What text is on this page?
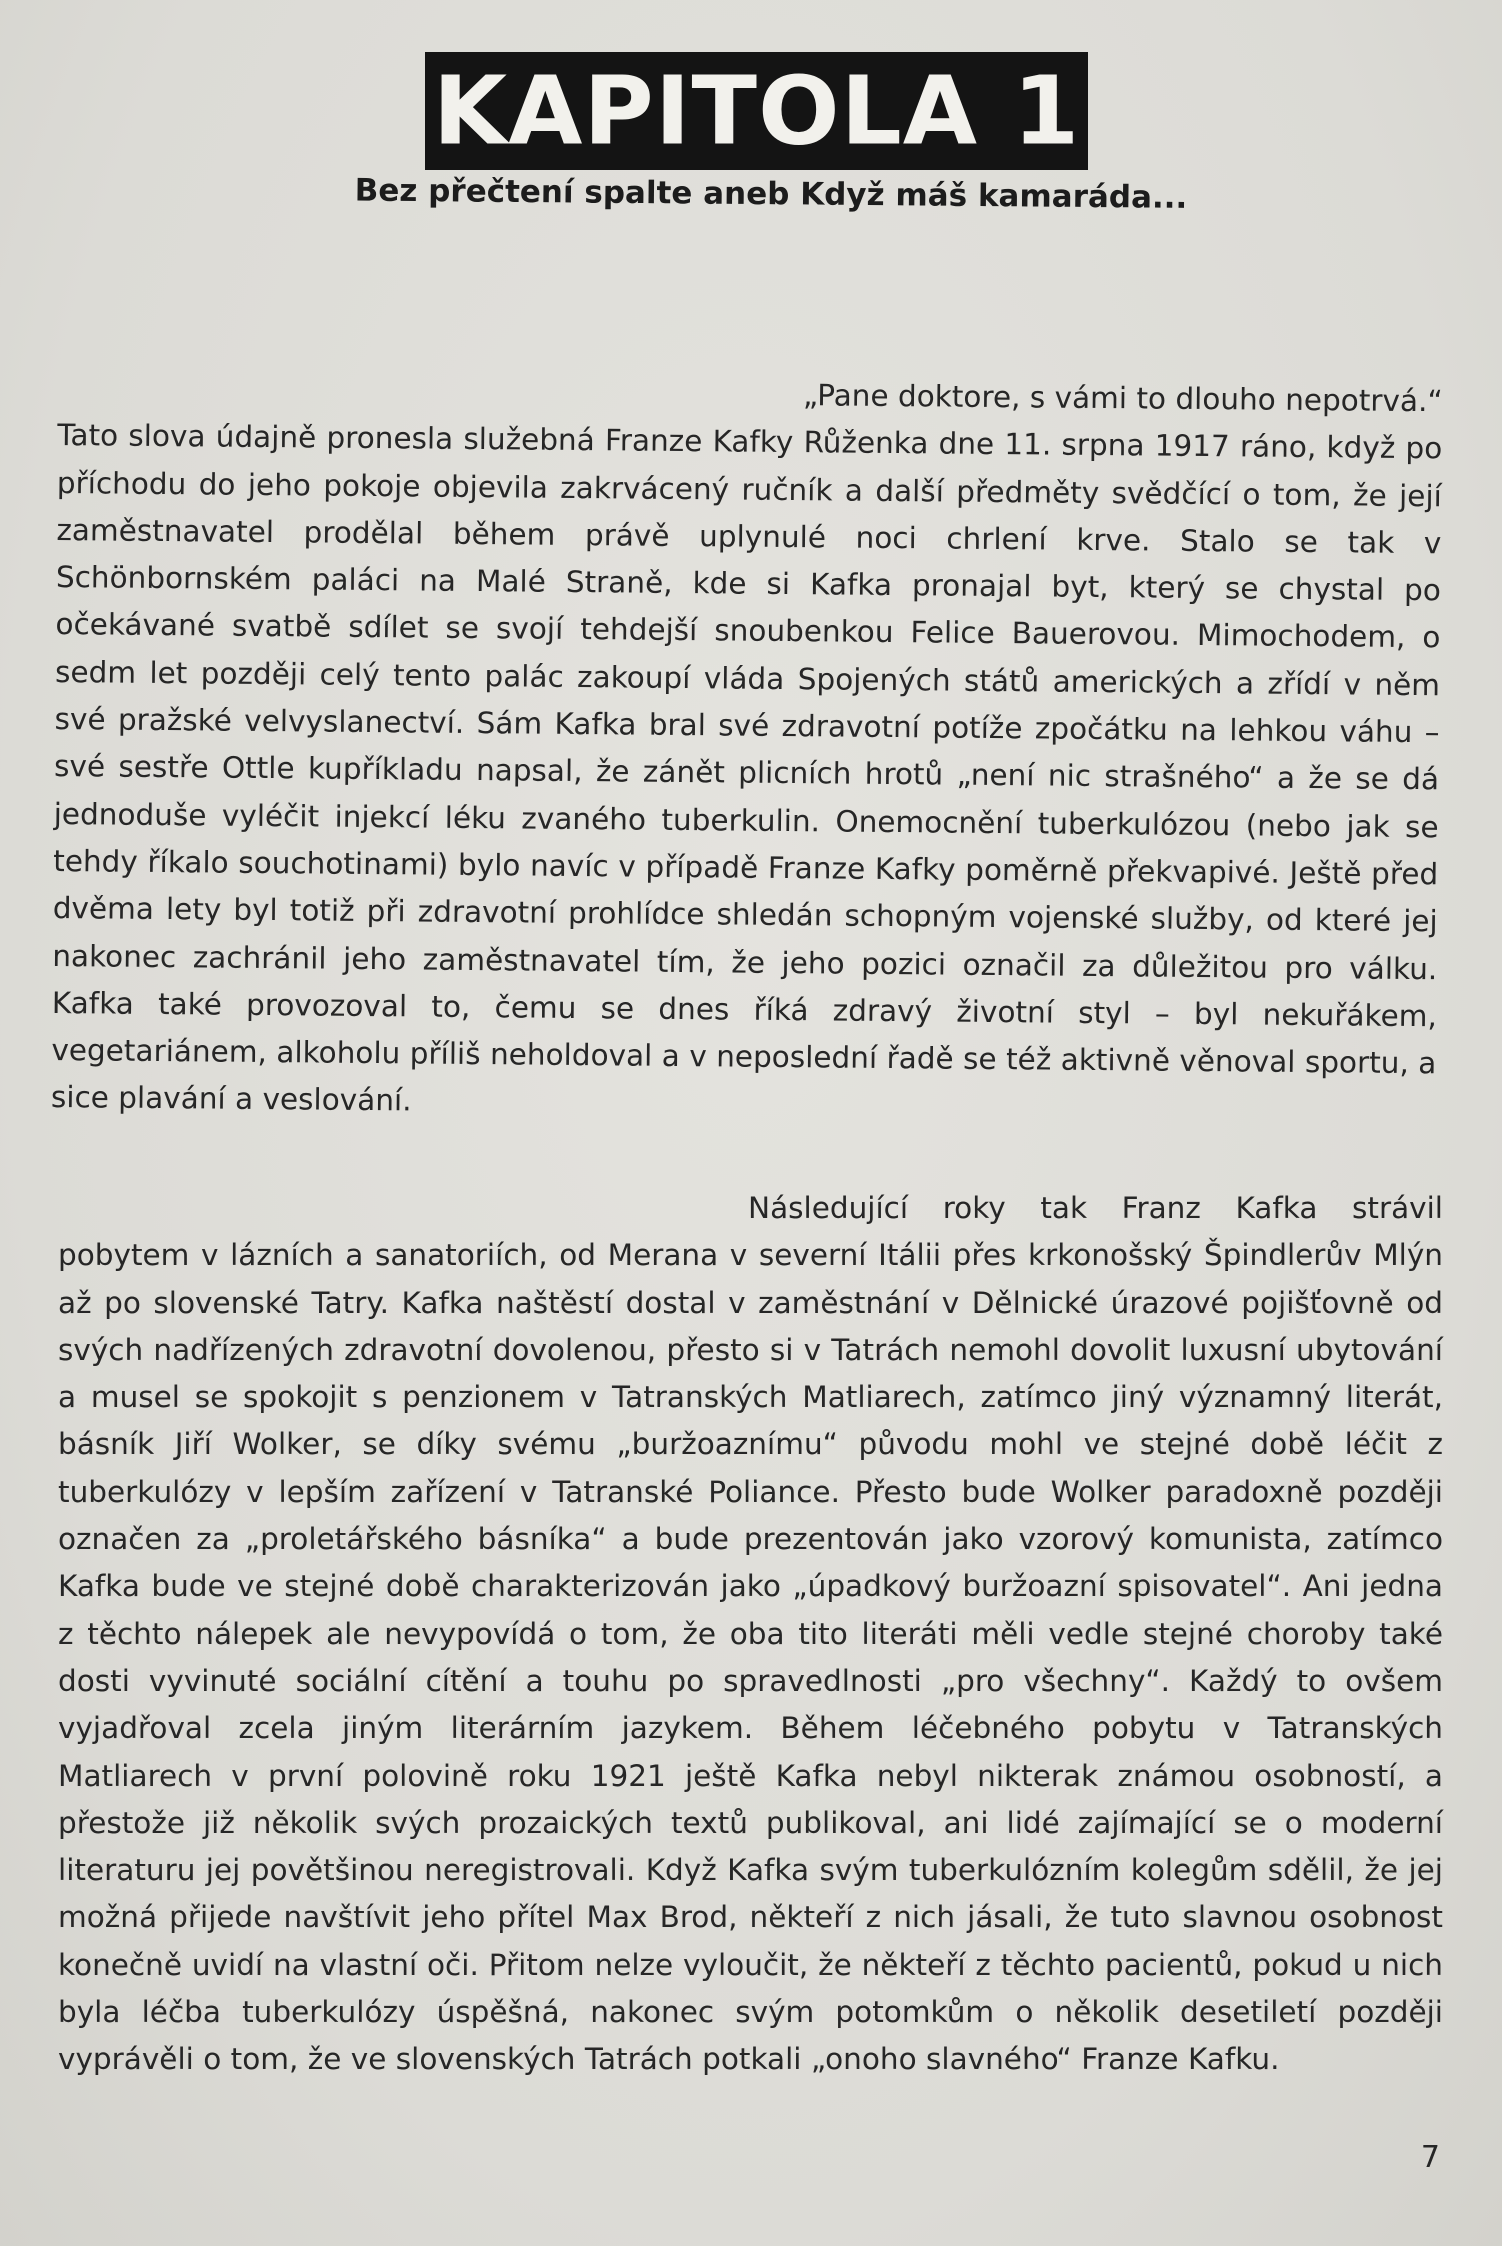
KAPITOLA 1
Bez přečtení spalte aneb Když máš kamaráda...
„Pane doktore, s vámi to dlouho nepotrvá.“
Tato slova údajně pronesla služebná Franze Kafky Růženka dne 11. srpna 1917 ráno, když po příchodu do jeho pokoje objevila zakrvácený ručník a další předměty svědčící o tom, že její zaměstnavatel prodělal během právě uplynulé noci chrlení krve. Stalo se tak v Schönbornském paláci na Malé Straně, kde si Kafka pronajal byt, který se chystal po očekávané svatbě sdílet se svojí tehdejší snoubenkou Felice Bauerovou. Mimochodem, o sedm let později celý tento palác zakoupí vláda Spojených států amerických a zřídí v něm své pražské velvyslanectví. Sám Kafka bral své zdravotní potíže zpočátku na lehkou váhu – své sestře Ottle kupříkladu napsal, že zánět plicních hrotů „není nic strašného“ a že se dá jednoduše vyléčit injekcí léku zvaného tuberkulin. Onemocnění tuberkulózou (nebo jak se tehdy říkalo souchotinami) bylo navíc v případě Franze Kafky poměrně překvapivé. Ještě před dvěma lety byl totiž při zdravotní prohlídce shledán schopným vojenské služby, od které jej nakonec zachránil jeho zaměstnavatel tím, že jeho pozici označil za důležitou pro válku. Kafka také provozoval to, čemu se dnes říká zdravý životní styl – byl nekuřákem, vegetariánem, alkoholu příliš neholdoval a v neposlední řadě se též aktivně věnoval sportu, a sice plavání a veslování.
Následující roky tak Franz Kafka strávil pobytem v lázních a sanatoriích, od Merana v severní Itálii přes krkonošský Špindlerův Mlýn až po slovenské Tatry. Kafka naštěstí dostal v zaměstnání v Dělnické úrazové pojišťovně od svých nadřízených zdravotní dovolenou, přesto si v Tatrách nemohl dovolit luxusní ubytování a musel se spokojit s penzionem v Tatranských Matliarech, zatímco jiný významný literát, básník Jiří Wolker, se díky svému „buržoaznímu“ původu mohl ve stejné době léčit z tuberkulózy v lepším zařízení v Tatranské Poliance. Přesto bude Wolker paradoxně později označen za „proletářského básníka“ a bude prezentován jako vzorový komunista, zatímco Kafka bude ve stejné době charakterizován jako „úpadkový buržoazní spisovatel“. Ani jedna z těchto nálepek ale nevypovídá o tom, že oba tito literáti měli vedle stejné choroby také dosti vyvinuté sociální cítění a touhu po spravedlnosti „pro všechny“. Každý to ovšem vyjadřoval zcela jiným literárním jazykem. Během léčebného pobytu v Tatranských Matliarech v první polovině roku 1921 ještě Kafka nebyl nikterak známou osobností, a přestože již několik svých prozaických textů publikoval, ani lidé zajímající se o moderní literaturu jej povětšinou neregistrovali. Když Kafka svým tuberkulózním kolegům sdělil, že jej možná přijede navštívit jeho přítel Max Brod, někteří z nich jásali, že tuto slavnou osobnost konečně uvidí na vlastní oči. Přitom nelze vyloučit, že někteří z těchto pacientů, pokud u nich byla léčba tuberkulózy úspěšná, nakonec svým potomkům o několik desetiletí později vyprávěli o tom, že ve slovenských Tatrách potkali „onoho slavného“ Franze Kafku.
7
